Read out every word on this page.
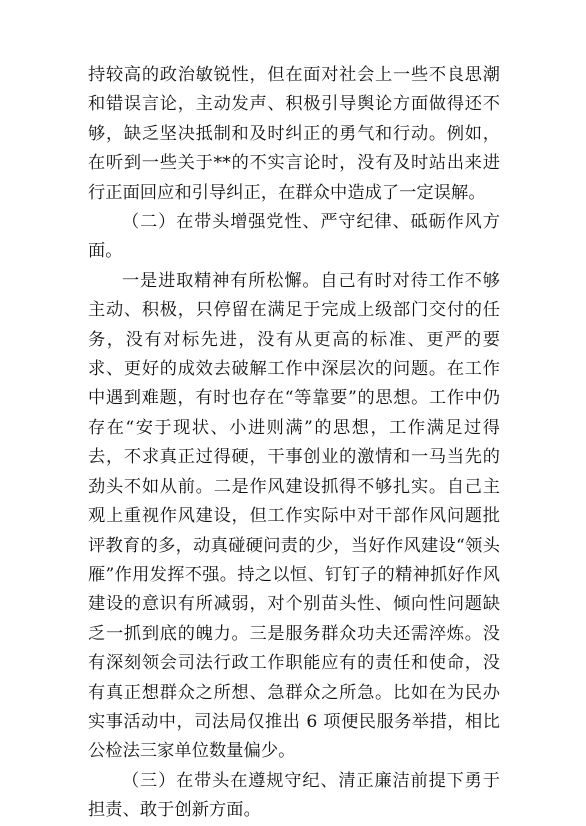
持较高的政治敏锐性，但在面对社会上一些不良思潮和错误言论，主动发声、积极引导舆论方面做得还不够，缺乏坚决抵制和及时纠正的勇气和行动。例如，在听到一些关于**的不实言论时，没有及时站出来进行正面回应和引导纠正，在群众中造成了一定误解。

（二）在带头增强党性、严守纪律、砥砺作风方面。

一是进取精神有所松懈。自己有时对待工作不够主动、积极，只停留在满足于完成上级部门交付的任务，没有对标先进，没有从更高的标准、更严的要求、更好的成效去破解工作中深层次的问题。在工作中遇到难题，有时也存在“等靠要”的思想。工作中仍存在“安于现状、小进则满”的思想，工作满足过得去，不求真正过得硬，干事创业的激情和一马当先的劲头不如从前。二是作风建设抓得不够扎实。自己主观上重视作风建设，但工作实际中对干部作风问题批评教育的多，动真碰硬问责的少，当好作风建设“领头雁”作用发挥不强。持之以恒、钉钉子的精神抓好作风建设的意识有所减弱，对个别苗头性、倾向性问题缺乏一抓到底的魄力。三是服务群众功夫还需淬炼。没有深刻领会司法行政工作职能应有的责任和使命，没有真正想群众之所想、急群众之所急。比如在为民办实事活动中，司法局仅推出 6 项便民服务举措，相比公检法三家单位数量偏少。

（三）在带头在遵规守纪、清正廉洁前提下勇于担责、敢于创新方面。
